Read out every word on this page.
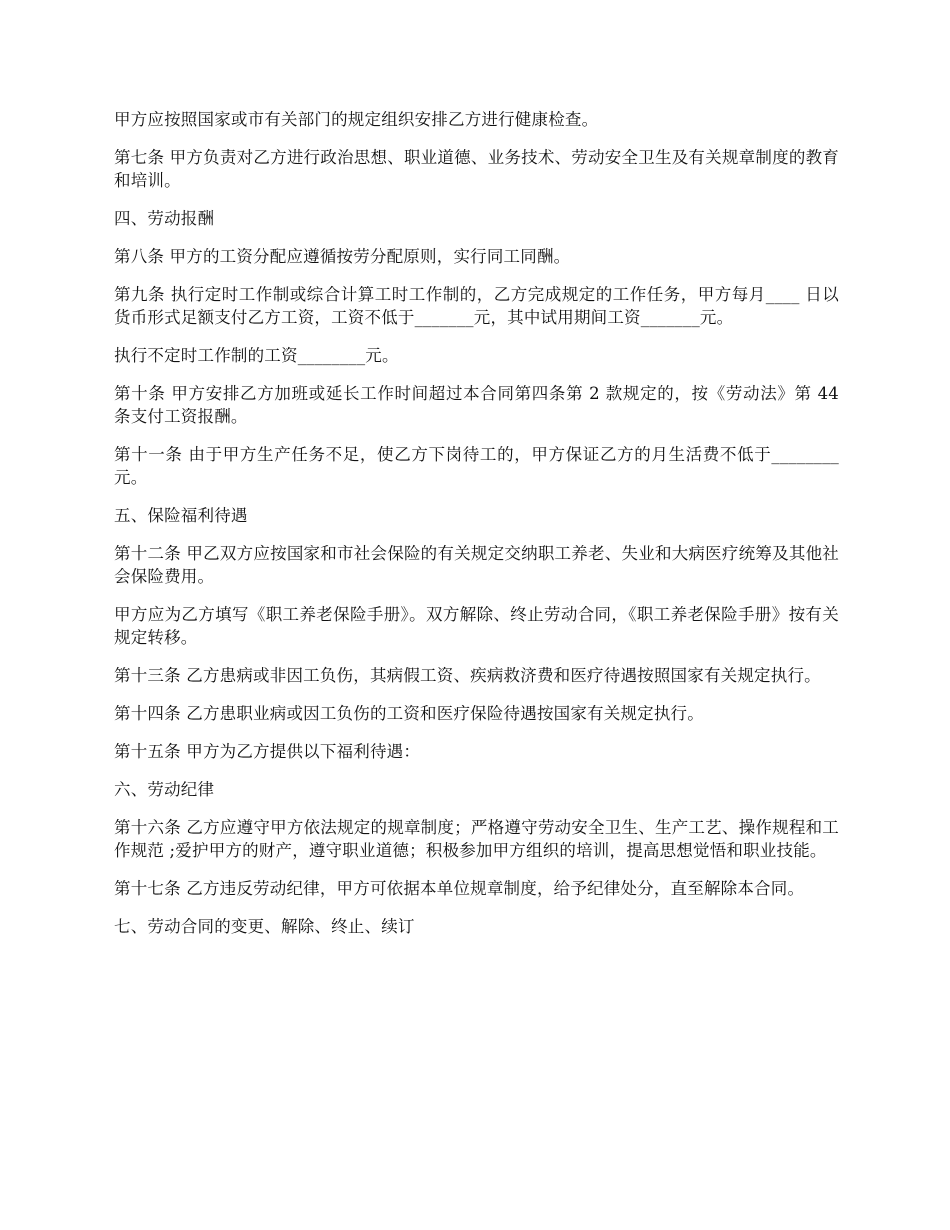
甲方应按照国家或市有关部门的规定组织安排乙方进行健康检查。

第七条 甲方负责对乙方进行政治思想、职业道德、业务技术、劳动安全卫生及有关规章制度的教育和培训。

四、劳动报酬

第八条 甲方的工资分配应遵循按劳分配原则，实行同工同酬。

第九条 执行定时工作制或综合计算工时工作制的，乙方完成规定的工作任务，甲方每月____ 日以货币形式足额支付乙方工资，工资不低于_______元，其中试用期间工资_______元。

执行不定时工作制的工资________元。

第十条 甲方安排乙方加班或延长工作时间超过本合同第四条第 2 款规定的，按《劳动法》第 44 条支付工资报酬。

第十一条 由于甲方生产任务不足，使乙方下岗待工的，甲方保证乙方的月生活费不低于________元。

五、保险福利待遇

第十二条 甲乙双方应按国家和市社会保险的有关规定交纳职工养老、失业和大病医疗统筹及其他社会保险费用。

甲方应为乙方填写《职工养老保险手册》。双方解除、终止劳动合同，《职工养老保险手册》按有关规定转移。

第十三条 乙方患病或非因工负伤，其病假工资、疾病救济费和医疗待遇按照国家有关规定执行。

第十四条 乙方患职业病或因工负伤的工资和医疗保险待遇按国家有关规定执行。

第十五条 甲方为乙方提供以下福利待遇：

六、劳动纪律

第十六条 乙方应遵守甲方依法规定的规章制度；严格遵守劳动安全卫生、生产工艺、操作规程和工作规范 ;爱护甲方的财产，遵守职业道德；积极参加甲方组织的培训，提高思想觉悟和职业技能。

第十七条 乙方违反劳动纪律，甲方可依据本单位规章制度，给予纪律处分，直至解除本合同。

七、劳动合同的变更、解除、终止、续订
